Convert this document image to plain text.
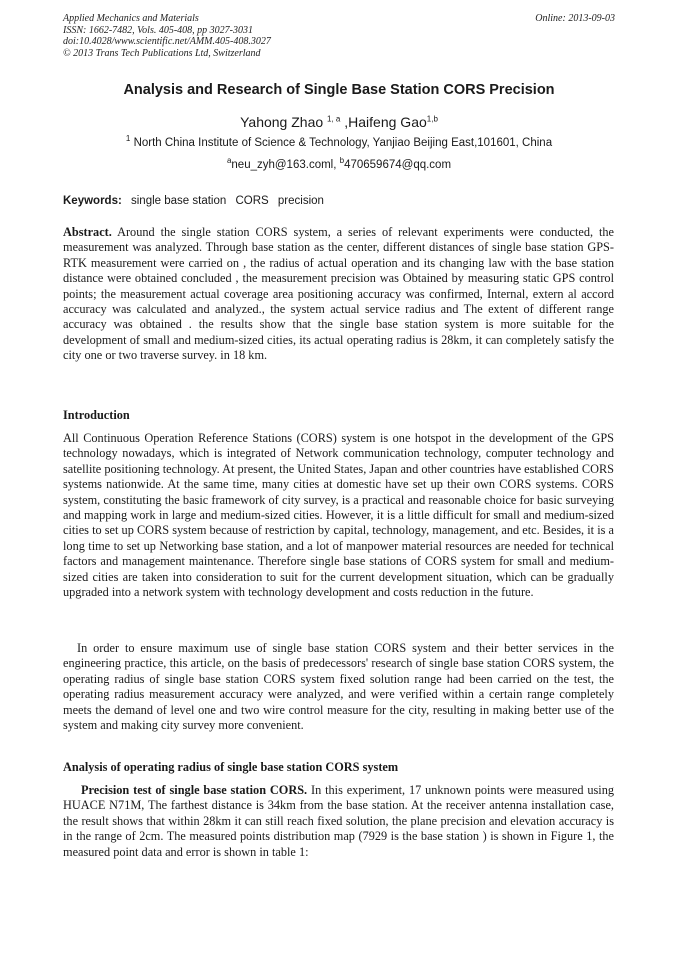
Applied Mechanics and Materials
ISSN: 1662-7482, Vols. 405-408, pp 3027-3031
doi:10.4028/www.scientific.net/AMM.405-408.3027
© 2013 Trans Tech Publications Ltd, Switzerland
Online: 2013-09-03
Analysis and Research of Single Base Station CORS Precision
Yahong Zhao $^{1, a}$ ,Haifeng Gao$^{1,b}$
$^1$ North China Institute of Science & Technology, Yanjiao Beijing East,101601, China
$^a$neu_zyh@163.coml, $^b$470659674@qq.com
Keywords: single base station CORS precision
Abstract. Around the single station CORS system, a series of relevant experiments were conducted, the measurement was analyzed. Through base station as the center, different distances of single base station GPS-RTK measurement were carried on , the radius of actual operation and its changing law with the base station distance were obtained concluded , the measurement precision was Obtained by measuring static GPS control points; the measurement actual coverage area positioning accuracy was confirmed, Internal, extern al accord accuracy was calculated and analyzed., the system actual service radius and The extent of different range accuracy was obtained . the results show that the single base station system is more suitable for the development of small and medium-sized cities, its actual operating radius is 28km, it can completely satisfy the city one or two traverse survey. in 18 km.
Introduction
All Continuous Operation Reference Stations (CORS) system is one hotspot in the development of the GPS technology nowadays, which is integrated of Network communication technology, computer technology and satellite positioning technology. At present, the United States, Japan and other countries have established CORS systems nationwide. At the same time, many cities at domestic have set up their own CORS systems. CORS system, constituting the basic framework of city survey, is a practical and reasonable choice for basic surveying and mapping work in large and medium-sized cities. However, it is a little difficult for small and medium-sized cities to set up CORS system because of restriction by capital, technology, management, and etc. Besides, it is a long time to set up Networking base station, and a lot of manpower material resources are needed for technical factors and management maintenance. Therefore single base stations of CORS system for small and medium-sized cities are taken into consideration to suit for the current development situation, which can be gradually upgraded into a network system with technology development and costs reduction in the future.
In order to ensure maximum use of single base station CORS system and their better services in the engineering practice, this article, on the basis of predecessors' research of single base station CORS system, the operating radius of single base station CORS system fixed solution range had been carried on the test, the operating radius measurement accuracy were analyzed, and were verified within a certain range completely meets the demand of level one and two wire control measure for the city, resulting in making better use of the system and making city survey more convenient.
Analysis of operating radius of single base station CORS system
Precision test of single base station CORS. In this experiment, 17 unknown points were measured using HUACE N71M, The farthest distance is 34km from the base station. At the receiver antenna installation case, the result shows that within 28km it can still reach fixed solution, the plane precision and elevation accuracy is in the range of 2cm. The measured points distribution map (7929 is the base station ) is shown in Figure 1, the measured point data and error is shown in table 1:
